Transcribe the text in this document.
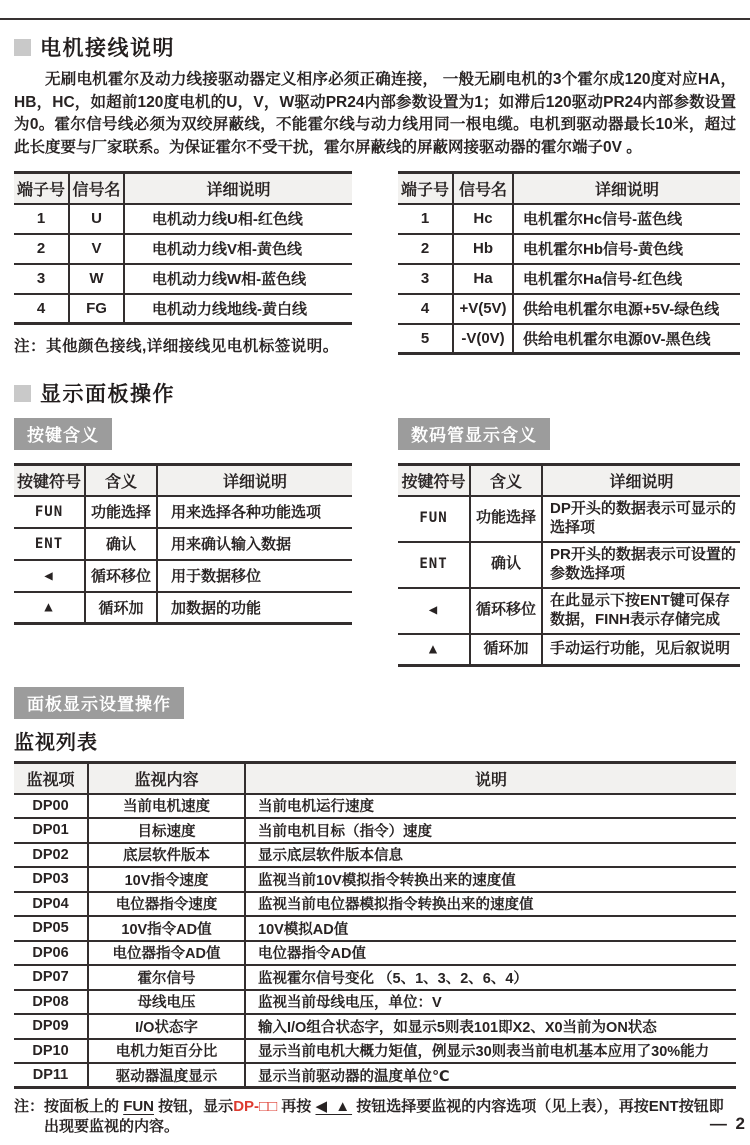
电机接线说明

无刷电机霍尔及动力线接驱动器定义相序必须正确连接， 一般无刷电机的3个霍尔成120度对应HA，HB，HC，如超前120度电机的U，V，W驱动PR24内部参数设置为1；如滞后120驱动PR24内部参数设置为0。霍尔信号线必须为双绞屏蔽线，不能霍尔线与动力线用同一根电缆。电机到驱动器最长10米，超过此长度要与厂家联系。为保证霍尔不受干扰，霍尔屏蔽线的屏蔽网接驱动器的霍尔端子0V 。

端子号	信号名	详细说明
1	U	电机动力线U相-红色线
2	V	电机动力线V相-黄色线
3	W	电机动力线W相-蓝色线
4	FG	电机动力线地线-黄白线
注：其他颜色接线,详细接线见电机标签说明。
端子号	信号名	详细说明
1	Hc	电机霍尔Hc信号-蓝色线
2	Hb	电机霍尔Hb信号-黄色线
3	Ha	电机霍尔Ha信号-红色线
4	+V(5V)	供给电机霍尔电源+5V-绿色线
5	-V(0V)	供给电机霍尔电源0V-黑色线
显示面板操作
按键含义	数码管显示含义
按键符号	含义	详细说明
FUN	功能选择	用来选择各种功能选项
ENT	确认	用来确认输入数据
◀	循环移位	用于数据移位
▲	循环加	加数据的功能
按键符号	含义	详细说明
FUN	功能选择	DP开头的数据表示可显示的选择项
ENT	确认	PR开头的数据表示可设置的参数选择项
◀	循环移位	在此显示下按ENT键可保存数据，FINH表示存储完成
▲	循环加	手动运行功能，见后叙说明
面板显示设置操作
监视列表
监视项	监视内容	说明
DP00	当前电机速度	当前电机运行速度
DP01	目标速度	当前电机目标（指令）速度
DP02	底层软件版本	显示底层软件版本信息
DP03	10V指令速度	监视当前10V模拟指令转换出来的速度值
DP04	电位器指令速度	监视当前电位器模拟指令转换出来的速度值
DP05	10V指令AD值	10V模拟AD值
DP06	电位器指令AD值	电位器指令AD值
DP07	霍尔信号	监视霍尔信号变化 （5、1、3、2、6、4）
DP08	母线电压	监视当前母线电压，单位：V
DP09	I/O状态字	输入I/O组合状态字，如显示5则表101即X2、X0当前为ON状态
DP10	电机力矩百分比	显示当前电机大概力矩值，例显示30则表当前电机基本应用了30%能力
DP11	驱动器温度显示	显示当前驱动器的温度单位℃
注： 按面板上的 FUN 按钮，显示DP-□□ 再按 ◀ ▲ 按钮选择要监视的内容选项（见上表），再按ENT按钮即出现要监视的内容。	— 2
